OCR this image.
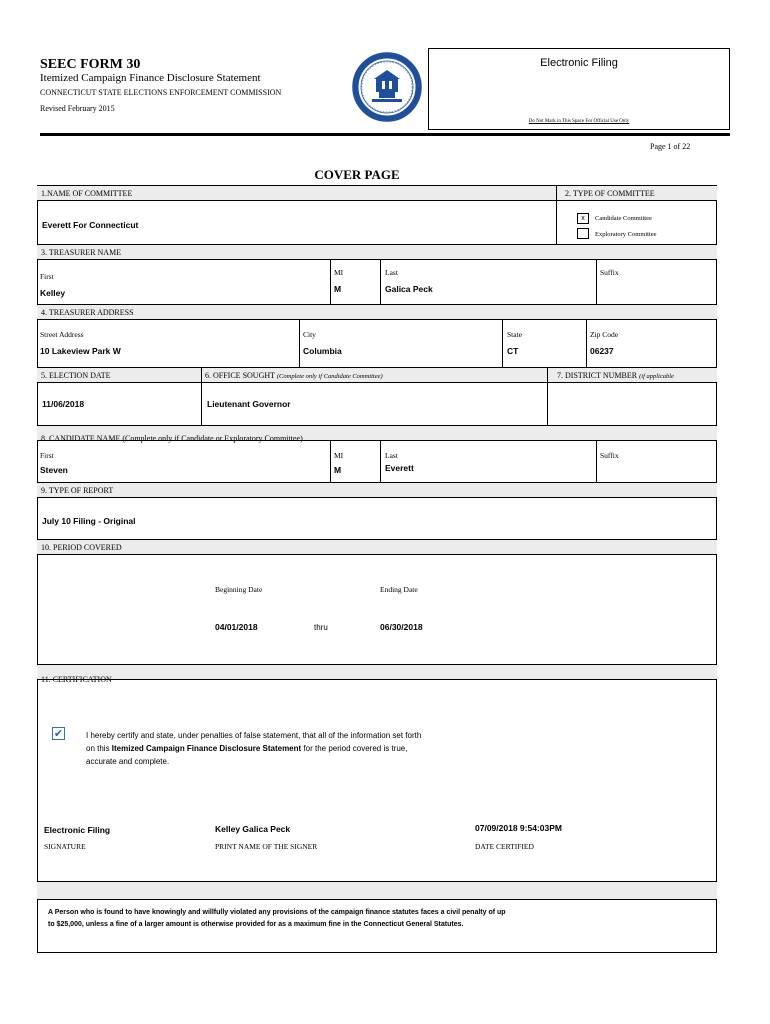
SEEC FORM 30
Itemized Campaign Finance Disclosure Statement
CONNECTICUT STATE ELECTIONS ENFORCEMENT COMMISSION
Revised February 2015
Electronic Filing
Do Not Mark in This Space For Official Use Only
Page 1 of 22
COVER PAGE
1.NAME OF COMMITTEE	2. TYPE OF COMMITTEE
Everett For Connecticut
x	Candidate Committee
Exploratory Committee
3. TREASURER NAME
First
Kelley
MI
M
Last
Galica Peck
Suffix
4. TREASURER ADDRESS
Street Address
10 Lakeview Park W
City
Columbia
State
CT
Zip Code
06237
5. ELECTION DATE	6. OFFICE SOUGHT (Complete only if Candidate Committee)	7. DISTRICT NUMBER (if applicable
11/06/2018	Lieutenant Governor
8. CANDIDATE NAME (Complete only if Candidate or Exploratory Committee)
First
Steven
MI
M
Last
Everett
Suffix
9. TYPE OF REPORT
July 10 Filing - Original
10. PERIOD COVERED
Beginning Date
04/01/2018	thru
Ending Date
06/30/2018
11. CERTIFICATION
✔	I hereby certify and state, under penalties of false statement, that all of the information set forth
on this Itemized Campaign Finance Disclosure Statement for the period covered is true,
accurate and complete.
Electronic Filing
SIGNATURE
Kelley Galica Peck
PRINT NAME OF THE SIGNER
07/09/2018 9:54:03PM
DATE CERTIFIED
A Person who is found to have knowingly and willfully violated any provisions of the campaign finance statutes faces a civil penalty of up
to $25,000, unless a fine of a larger amount is otherwise provided for as a maximum fine in the Connecticut General Statutes.
